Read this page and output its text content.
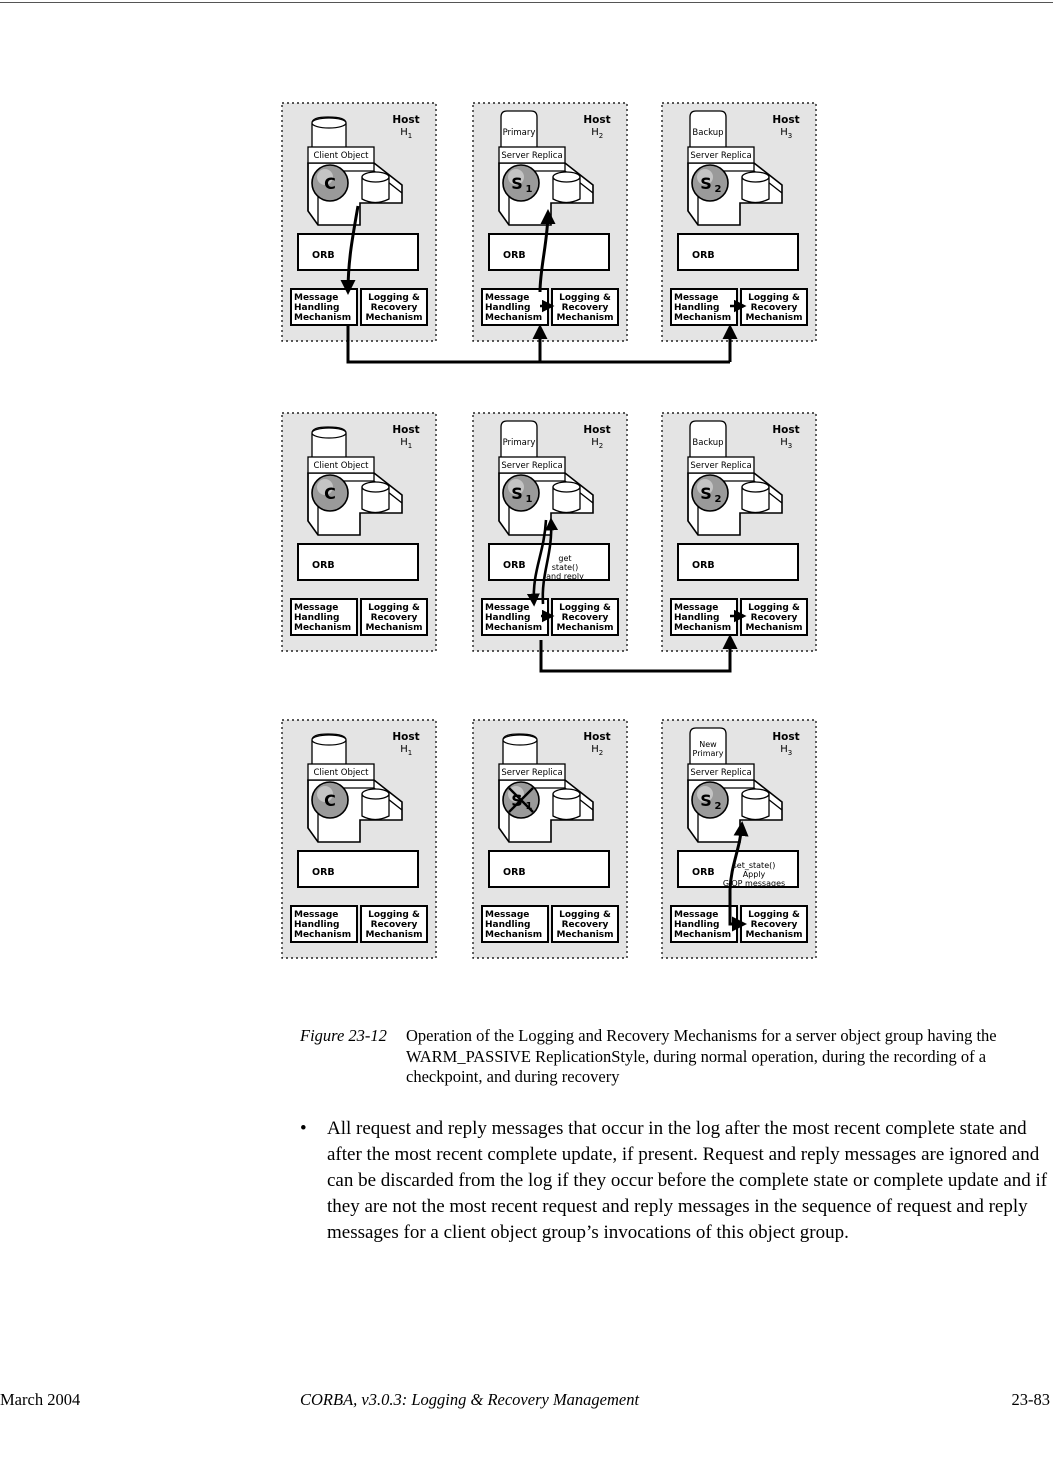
Host
H 1
Client Object
C
ORB
Message
Handling
Mechanism
Logging &
Recovery
Mechanism
Host
H 2
Primary
Server Replica
S 1
ORB
Message
Handling
Mechanism
Logging &
Recovery
Mechanism
Host
H 3
Backup
Server Replica
S 2
ORB
Message
Handling
Mechanism
Logging &
Recovery
Mechanism
Host
H 1
Client Object
C
ORB
Message
Handling
Mechanism
Logging &
Recovery
Mechanism
Host
H 2
Primary
Server Replica
S 1
ORB
get
state()
and reply
Message
Handling
Mechanism
Logging &
Recovery
Mechanism
Host
H 3
Backup
Server Replica
S 2
ORB
Message
Handling
Mechanism
Logging &
Recovery
Mechanism
Host
H 1
Client Object
C
ORB
Message
Handling
Mechanism
Logging &
Recovery
Mechanism
Host
H 2
Server Replica
S 1
ORB
Message
Handling
Mechanism
Logging &
Recovery
Mechanism
Host
H 3
New
Primary
Server Replica
S 2
ORB
set_state()
Apply
GIOP messages
Message
Handling
Mechanism
Logging &
Recovery
Mechanism
Figure 23-12 Operation of the Logging and Recovery Mechanisms for a server object group having the WARM_PASSIVE ReplicationStyle, during normal operation, during the recording of a checkpoint, and during recovery
• All request and reply messages that occur in the log after the most recent complete state and after the most recent complete update, if present. Request and reply messages are ignored and can be discarded from the log if they occur before the complete state or complete update and if they are not the most recent request and reply messages in the sequence of request and reply messages for a client object group’s invocations of this object group.
March 2004	CORBA, v3.0.3: Logging & Recovery Management	23-83
